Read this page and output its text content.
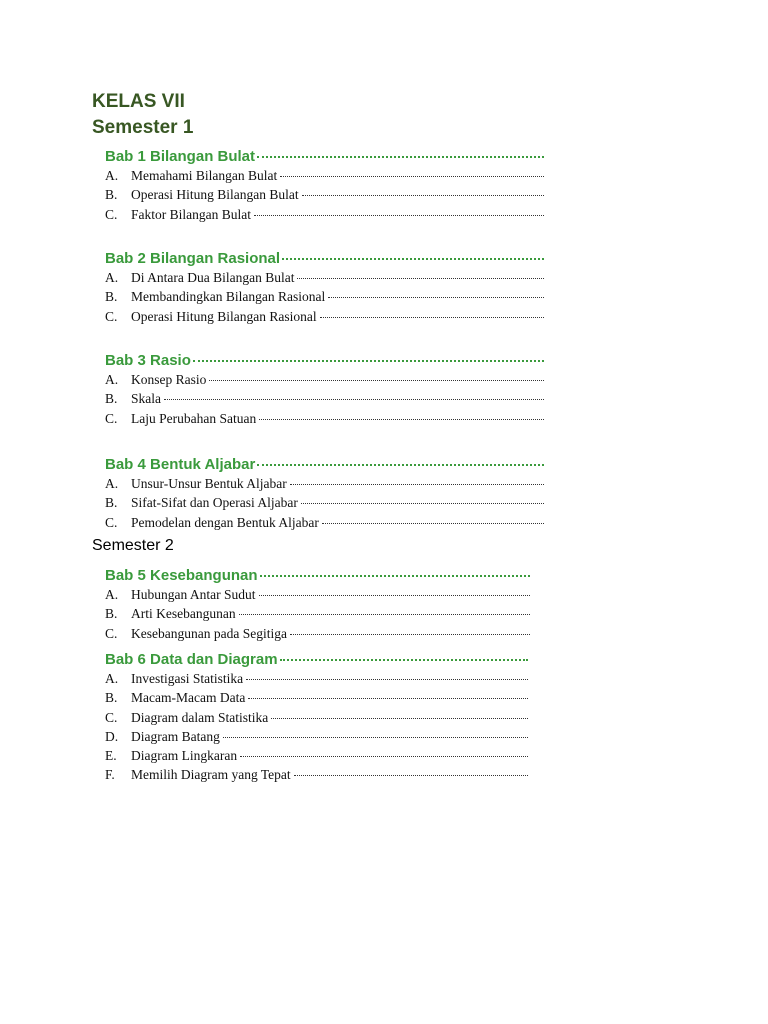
KELAS VII
Semester 1
Bab 1 Bilangan Bulat
A. Memahami Bilangan Bulat
B.	Operasi Hitung Bilangan Bulat
C.	Faktor Bilangan Bulat
Bab 2 Bilangan Rasional
A. Di Antara Dua Bilangan Bulat
B.	Membandingkan Bilangan Rasional
C.	Operasi Hitung Bilangan Rasional
Bab 3 Rasio
A. Konsep Rasio
B.	Skala
C.	Laju Perubahan Satuan
Bab 4 Bentuk Aljabar
A. Unsur-Unsur Bentuk Aljabar
B.	Sifat-Sifat dan Operasi Aljabar
C.	Pemodelan dengan Bentuk Aljabar
Semester 2
Bab 5 Kesebangunan
A. Hubungan Antar Sudut
B.	Arti Kesebangunan
C.	Kesebangunan pada Segitiga
Bab 6 Data dan Diagram
A. Investigasi Statistika
B.	Macam-Macam Data
C.	Diagram dalam Statistika
D. Diagram Batang
E.	Diagram Lingkaran
F.	Memilih Diagram yang Tepat
